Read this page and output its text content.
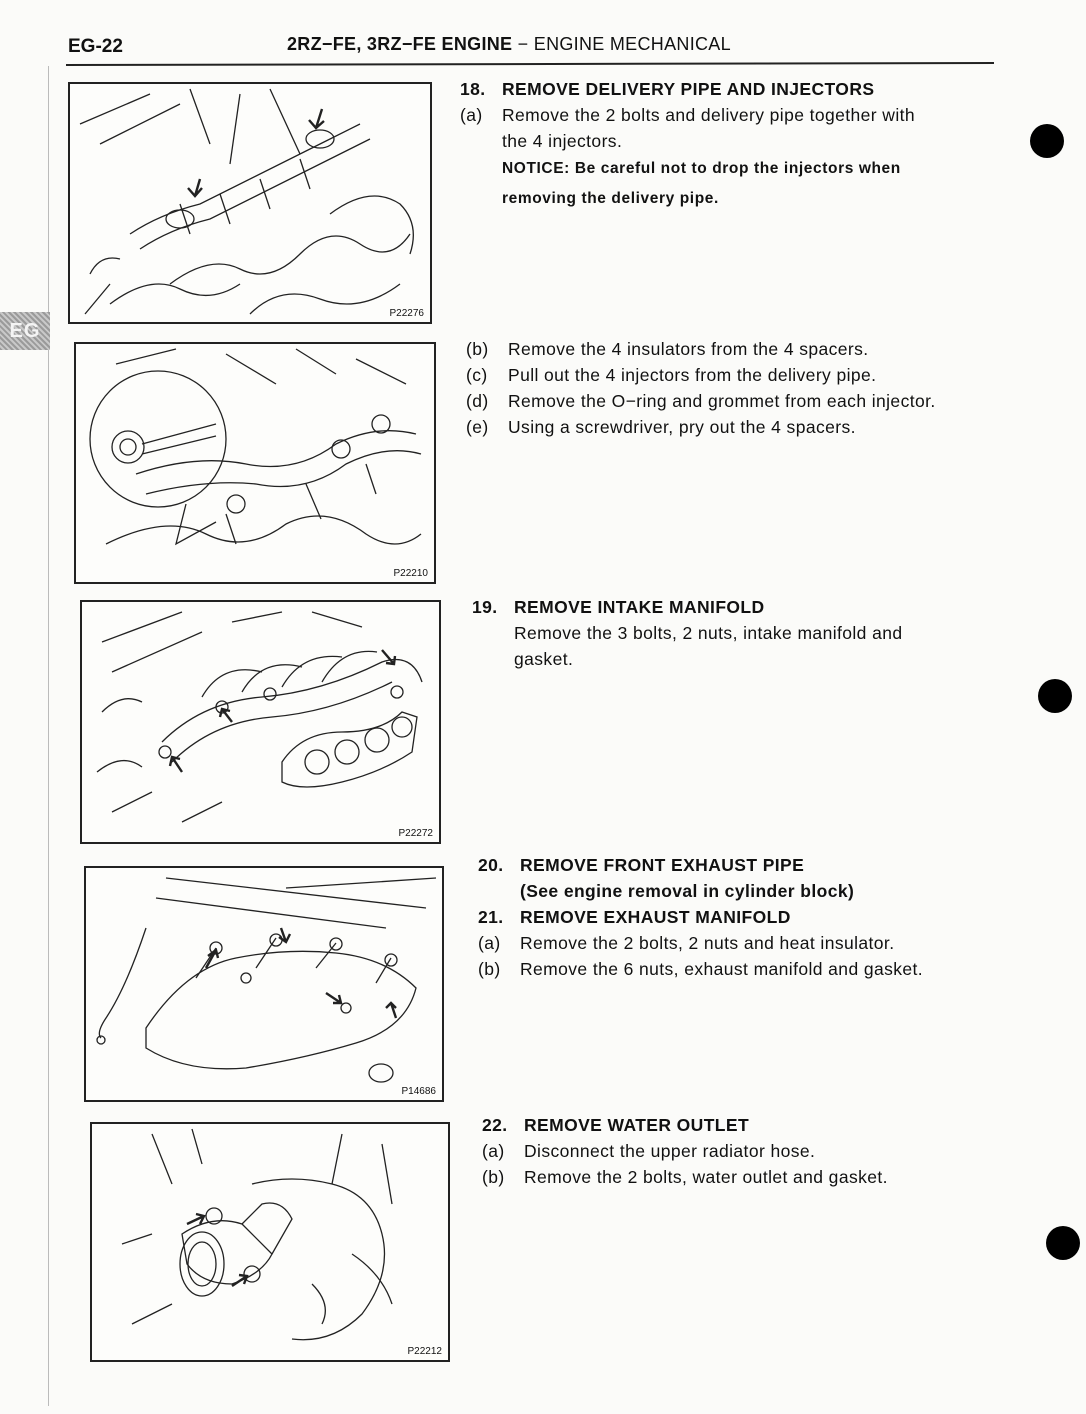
EG-22	2RZ−FE, 3RZ−FE ENGINE − ENGINE MECHANICAL
EG
P22276
P22210
P22272
P14686
P22212
18. REMOVE DELIVERY PIPE AND INJECTORS
(a)	Remove the 2 bolts and delivery pipe together with
the 4 injectors.
NOTICE: Be careful not to drop the injectors when
removing the delivery pipe.
(b)	Remove the 4 insulators from the 4 spacers.
(c)	Pull out the 4 injectors from the delivery pipe.
(d)	Remove the O−ring and grommet from each injector.
(e)	Using a screwdriver, pry out the 4 spacers.
19. REMOVE INTAKE MANIFOLD
Remove the 3 bolts, 2 nuts, intake manifold and
gasket.
20. REMOVE FRONT EXHAUST PIPE
(See engine removal in cylinder block)
21. REMOVE EXHAUST MANIFOLD
(a)	Remove the 2 bolts, 2 nuts and heat insulator.
(b)	Remove the 6 nuts, exhaust manifold and gasket.
22. REMOVE WATER OUTLET
(a)	Disconnect the upper radiator hose.
(b)	Remove the 2 bolts, water outlet and gasket.
